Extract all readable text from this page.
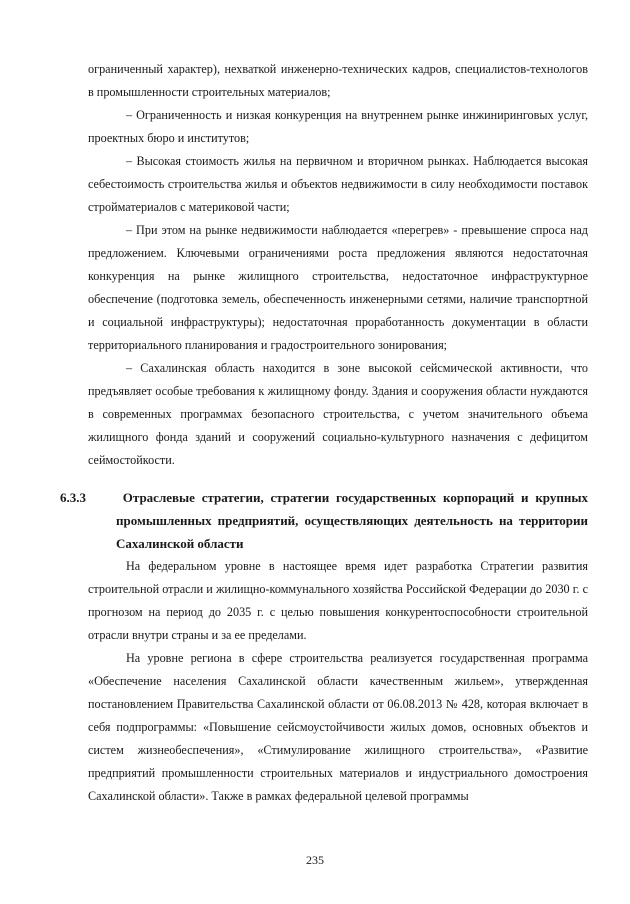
ограниченный характер), нехваткой инженерно-технических кадров, специалистов-технологов в промышленности строительных материалов;

– Ограниченность и низкая конкуренция на внутреннем рынке инжиниринговых услуг, проектных бюро и институтов;

– Высокая стоимость жилья на первичном и вторичном рынках. Наблюдается высокая себестоимость строительства жилья и объектов недвижимости в силу необходимости поставок стройматериалов с материковой части;

– При этом на рынке недвижимости наблюдается «перегрев» - превышение спроса над предложением. Ключевыми ограничениями роста предложения являются недостаточная конкуренция на рынке жилищного строительства, недостаточное инфраструктурное обеспечение (подготовка земель, обеспеченность инженерными сетями, наличие транспортной и социальной инфраструктуры); недостаточная проработанность документации в области территориального планирования и градостроительного зонирования;

– Сахалинская область находится в зоне высокой сейсмической активности, что предъявляет особые требования к жилищному фонду. Здания и сооружения области нуждаются в современных программах безопасного строительства, с учетом значительного объема жилищного фонда зданий и сооружений социально-культурного назначения с дефицитом сеймостойкости.

6.3.3	Отраслевые стратегии, стратегии государственных корпораций и крупных промышленных предприятий, осуществляющих деятельность на территории Сахалинской области

На федеральном уровне в настоящее время идет разработка Стратегии развития строительной отрасли и жилищно-коммунального хозяйства Российской Федерации до 2030 г. с прогнозом на период до 2035 г. с целью повышения конкурентоспособности строительной отрасли внутри страны и за ее пределами.

На уровне региона в сфере строительства реализуется государственная программа «Обеспечение населения Сахалинской области качественным жильем», утвержденная постановлением Правительства Сахалинской области от 06.08.2013 № 428, которая включает в себя подпрограммы: «Повышение сейсмоустойчивости жилых домов, основных объектов и систем жизнеобеспечения», «Стимулирование жилищного строительства», «Развитие предприятий промышленности строительных материалов и индустриального домостроения Сахалинской области». Также в рамках федеральной целевой программы

235
